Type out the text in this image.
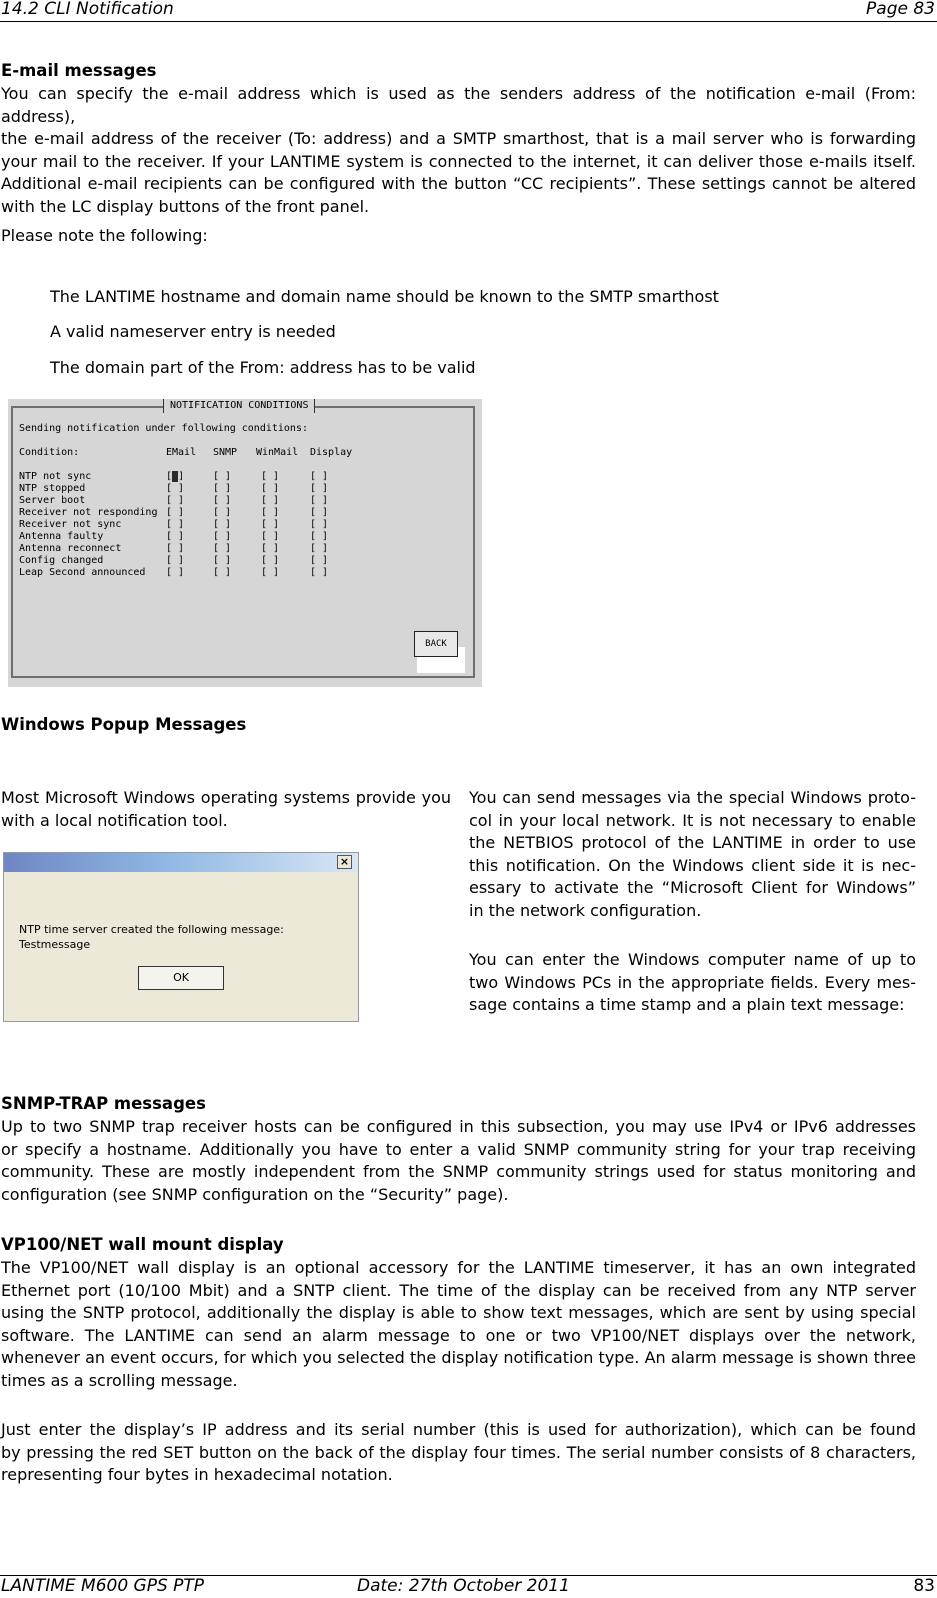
14.2 CLI Notification	Page 83
E-mail messages
You can specify the e-mail address which is used as the senders address of the notification e-mail (From: address),
the e-mail address of the receiver (To: address) and a SMTP smarthost, that is a mail server who is forwarding
your mail to the receiver. If your LANTIME system is connected to the internet, it can deliver those e-mails itself.
Additional e-mail recipients can be configured with the button “CC recipients”. These settings cannot be altered
with the LC display buttons of the front panel.
Please note the following:
The LANTIME hostname and domain name should be known to the SMTP smarthost
A valid nameserver entry is needed
The domain part of the From: address has to be valid
NOTIFICATION CONDITIONS
Sending notification under following conditions:
Condition:	EMail SNMP WinMail Display
NTP not sync	[ ]	[ ]	[ ]	[ ]
NTP stopped	[ ]	[ ]	[ ]	[ ]
Server boot	[ ]	[ ]	[ ]	[ ]
Receiver not responding [ ]	[ ]	[ ]	[ ]
Receiver not sync	[ ]	[ ]	[ ]	[ ]
Antenna faulty	[ ]	[ ]	[ ]	[ ]
Antenna reconnect	[ ]	[ ]	[ ]	[ ]
Config changed	[ ]	[ ]	[ ]	[ ]
Leap Second announced [ ]	[ ]	[ ]	[ ]
BACK
Windows Popup Messages
Most Microsoft Windows operating systems provide you
with a local notification tool.
×
NTP time server created the following message:
Testmessage
OK
You can send messages via the special Windows proto-
col in your local network. It is not necessary to enable
the NETBIOS protocol of the LANTIME in order to use
this notification. On the Windows client side it is nec-
essary to activate the “Microsoft Client for Windows”
in the network configuration.
You can enter the Windows computer name of up to
two Windows PCs in the appropriate fields. Every mes-
sage contains a time stamp and a plain text message:
SNMP-TRAP messages
Up to two SNMP trap receiver hosts can be configured in this subsection, you may use IPv4 or IPv6 addresses
or specify a hostname. Additionally you have to enter a valid SNMP community string for your trap receiving
community. These are mostly independent from the SNMP community strings used for status monitoring and
configuration (see SNMP configuration on the “Security” page).
VP100/NET wall mount display
The VP100/NET wall display is an optional accessory for the LANTIME timeserver, it has an own integrated
Ethernet port (10/100 Mbit) and a SNTP client. The time of the display can be received from any NTP server
using the SNTP protocol, additionally the display is able to show text messages, which are sent by using special
software. The LANTIME can send an alarm message to one or two VP100/NET displays over the network,
whenever an event occurs, for which you selected the display notification type. An alarm message is shown three
times as a scrolling message.
Just enter the display’s IP address and its serial number (this is used for authorization), which can be found
by pressing the red SET button on the back of the display four times. The serial number consists of 8 characters,
representing four bytes in hexadecimal notation.
LANTIME M600 GPS PTP	Date: 27th October 2011	83
